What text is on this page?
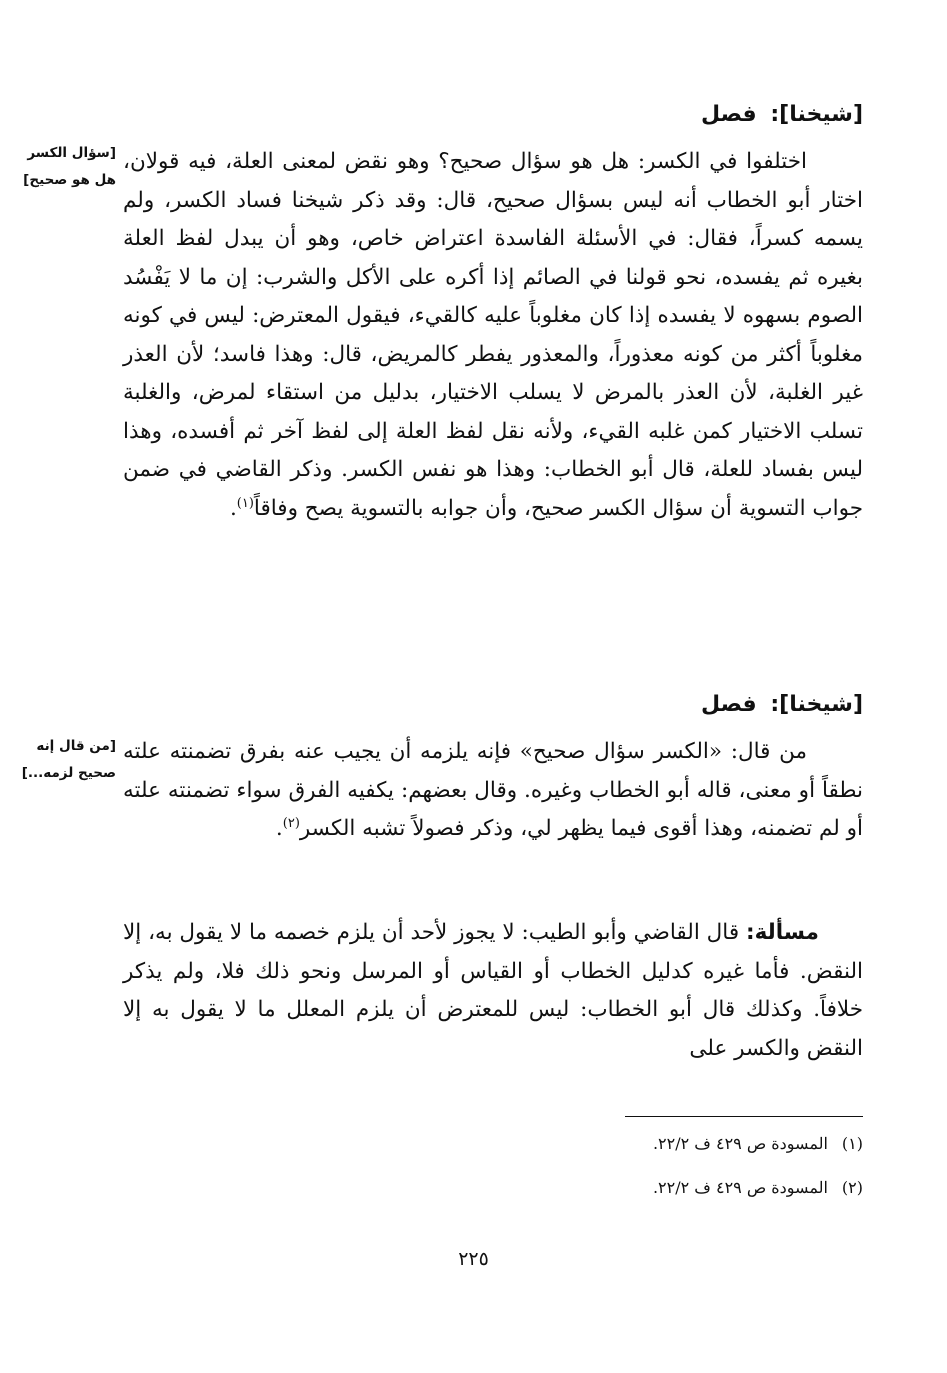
[شيخنا]: فصل
[سؤال الكسر هل هو صحيح]
اختلفوا في الكسر: هل هو سؤال صحيح؟ وهو نقض لمعنى العلة، فيه قولان، اختار أبو الخطاب أنه ليس بسؤال صحيح، قال: وقد ذكر شيخنا فساد الكسر، ولم يسمه كسراً، فقال: في الأسئلة الفاسدة اعتراض خاص، وهو أن يبدل لفظ العلة بغيره ثم يفسده، نحو قولنا في الصائم إذا أكره على الأكل والشرب: إن ما لا يَفْسُد الصوم بسهوه لا يفسده إذا كان مغلوباً عليه كالقيء، فيقول المعترض: ليس في كونه مغلوباً أكثر من كونه معذوراً، والمعذور يفطر كالمريض، قال: وهذا فاسد؛ لأن العذر غير الغلبة، لأن العذر بالمرض لا يسلب الاختيار، بدليل من استقاء لمرض، والغلبة تسلب الاختيار كمن غلبه القيء، ولأنه نقل لفظ العلة إلى لفظ آخر ثم أفسده، وهذا ليس بفساد للعلة، قال أبو الخطاب: وهذا هو نفس الكسر. وذكر القاضي في ضمن جواب التسوية أن سؤال الكسر صحيح، وأن جوابه بالتسوية يصح وفاقاً$^{(١)}$.
[شيخنا]: فصل
[من قال إنه صحيح لزمه...]
من قال: «الكسر سؤال صحيح» فإنه يلزمه أن يجيب عنه بفرق تضمنته علته نطقاً أو معنى، قاله أبو الخطاب وغيره. وقال بعضهم: يكفيه الفرق سواء تضمنته علته أو لم تضمنه، وهذا أقوى فيما يظهر لي، وذكر فصولاً تشبه الكسر$^{(٢)}$.
مسألة: قال القاضي وأبو الطيب: لا يجوز لأحد أن يلزم خصمه ما لا يقول به، إلا النقض. فأما غيره كدليل الخطاب أو القياس أو المرسل ونحو ذلك فلا، ولم يذكر خلافاً. وكذلك قال أبو الخطاب: ليس للمعترض أن يلزم المعلل ما لا يقول به إلا النقض والكسر على
(١)المسودة ص ٤٢٩ ف ٢٢/٢.
(٢)المسودة ص ٤٢٩ ف ٢٢/٢.
٢٢٥
